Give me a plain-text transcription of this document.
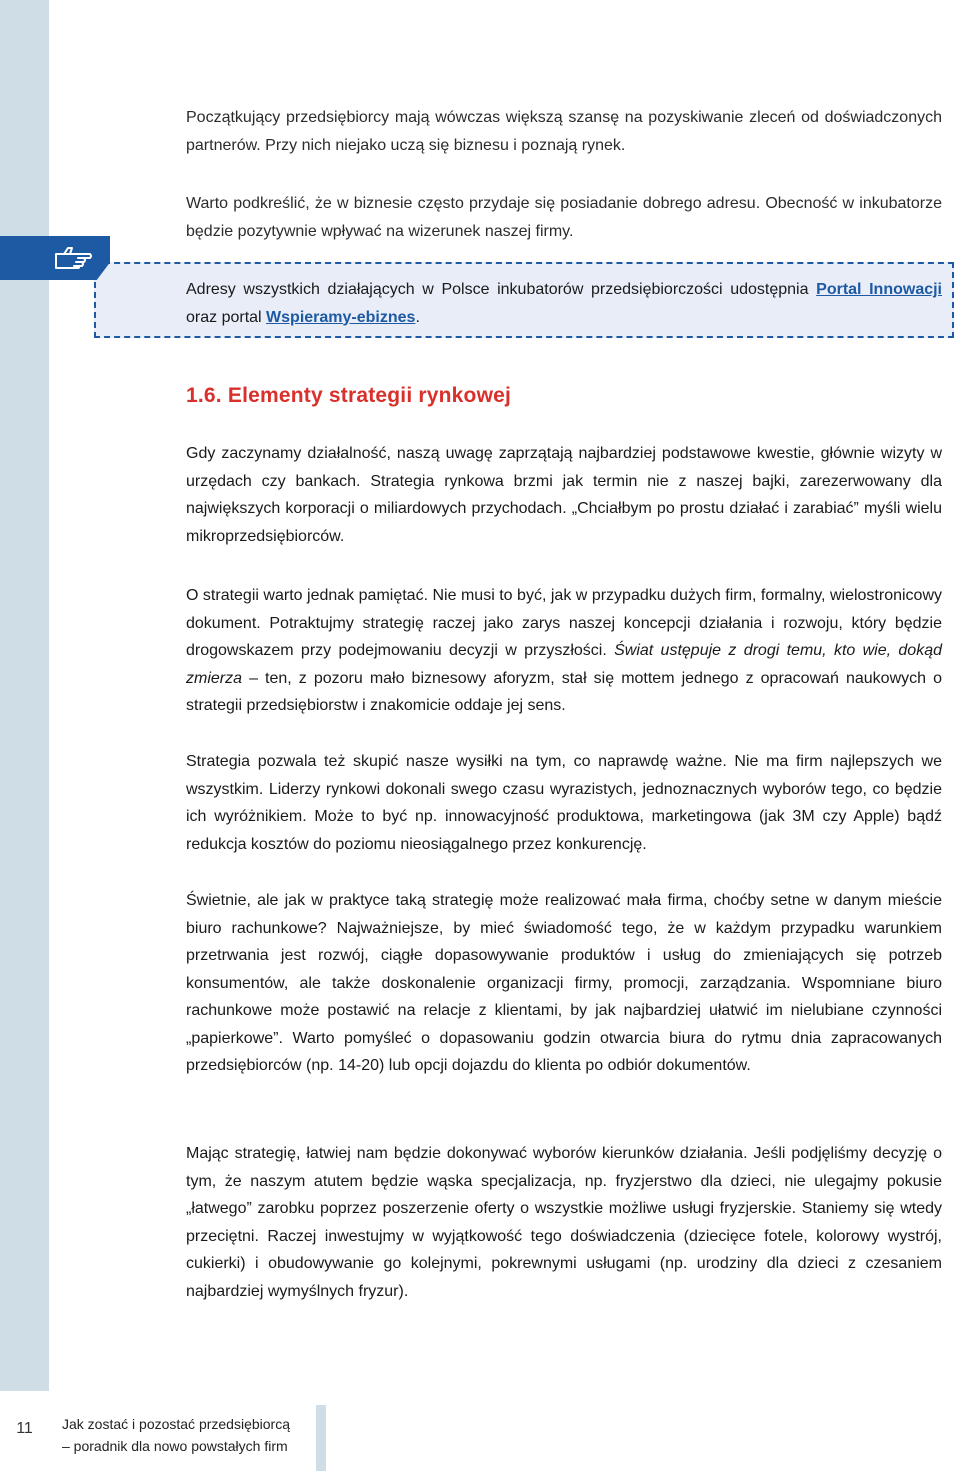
11

Początkujący przedsiębiorcy mają wówczas większą szansę na pozyskiwanie zleceń od doświadczonych partnerów. Przy nich niejako uczą się biznesu i poznają rynek.

Warto podkreślić, że w biznesie często przydaje się posiadanie dobrego adresu. Obecność w inkubatorze będzie pozytywnie wpływać na wizerunek naszej firmy.

Adresy wszystkich działających w Polsce inkubatorów przedsiębiorczości udostępnia Portal Innowacji oraz portal Wspieramy-ebiznes.

1.6. Elementy strategii rynkowej

Gdy zaczynamy działalność, naszą uwagę zaprzątają najbardziej podstawowe kwestie, głównie wizyty w urzędach czy bankach. Strategia rynkowa brzmi jak termin nie z naszej bajki, zarezerwowany dla największych korporacji o miliardowych przychodach. „Chciałbym po prostu działać i zarabiać” myśli wielu mikroprzedsiębiorców.

O strategii warto jednak pamiętać. Nie musi to być, jak w przypadku dużych firm, formalny, wielostronicowy dokument. Potraktujmy strategię raczej jako zarys naszej koncepcji działania i rozwoju, który będzie drogowskazem przy podejmowaniu decyzji w przyszłości. Świat ustępuje z drogi temu, kto wie, dokąd zmierza – ten, z pozoru mało biznesowy aforyzm, stał się mottem jednego z opracowań naukowych o strategii przedsiębiorstw i znakomicie oddaje jej sens.

Strategia pozwala też skupić nasze wysiłki na tym, co naprawdę ważne. Nie ma firm najlepszych we wszystkim. Liderzy rynkowi dokonali swego czasu wyrazistych, jednoznacznych wyborów tego, co będzie ich wyróżnikiem. Może to być np. innowacyjność produktowa, marketingowa (jak 3M czy Apple) bądź redukcja kosztów do poziomu nieosiągalnego przez konkurencję.

Świetnie, ale jak w praktyce taką strategię może realizować mała firma, choćby setne w danym mieście biuro rachunkowe? Najważniejsze, by mieć świadomość tego, że w każdym przypadku warunkiem przetrwania jest rozwój, ciągłe dopasowywanie produktów i usług do zmieniających się potrzeb konsumentów, ale także doskonalenie organizacji firmy, promocji, zarządzania. Wspomniane biuro rachunkowe może postawić na relacje z klientami, by jak najbardziej ułatwić im nielubiane czynności „papierkowe”. Warto pomyśleć o dopasowaniu godzin otwarcia biura do rytmu dnia zapracowanych przedsiębiorców (np. 14-20) lub opcji dojazdu do klienta po odbiór dokumentów.

Mając strategię, łatwiej nam będzie dokonywać wyborów kierunków działania. Jeśli podjęliśmy decyzję o tym, że naszym atutem będzie wąska specjalizacja, np. fryzjerstwo dla dzieci, nie ulegajmy pokusie „łatwego” zarobku poprzez poszerzenie oferty o wszystkie możliwe usługi fryzjerskie. Staniemy się wtedy przeciętni. Raczej inwestujmy w wyjątkowość tego doświadczenia (dziecięce fotele, kolorowy wystrój, cukierki) i obudowywanie go kolejnymi, pokrewnymi usługami (np. urodziny dla dzieci z czesaniem najbardziej wymyślnych fryzur).

Jak zostać i pozostać przedsiębiorcą
– poradnik dla nowo powstałych firm
